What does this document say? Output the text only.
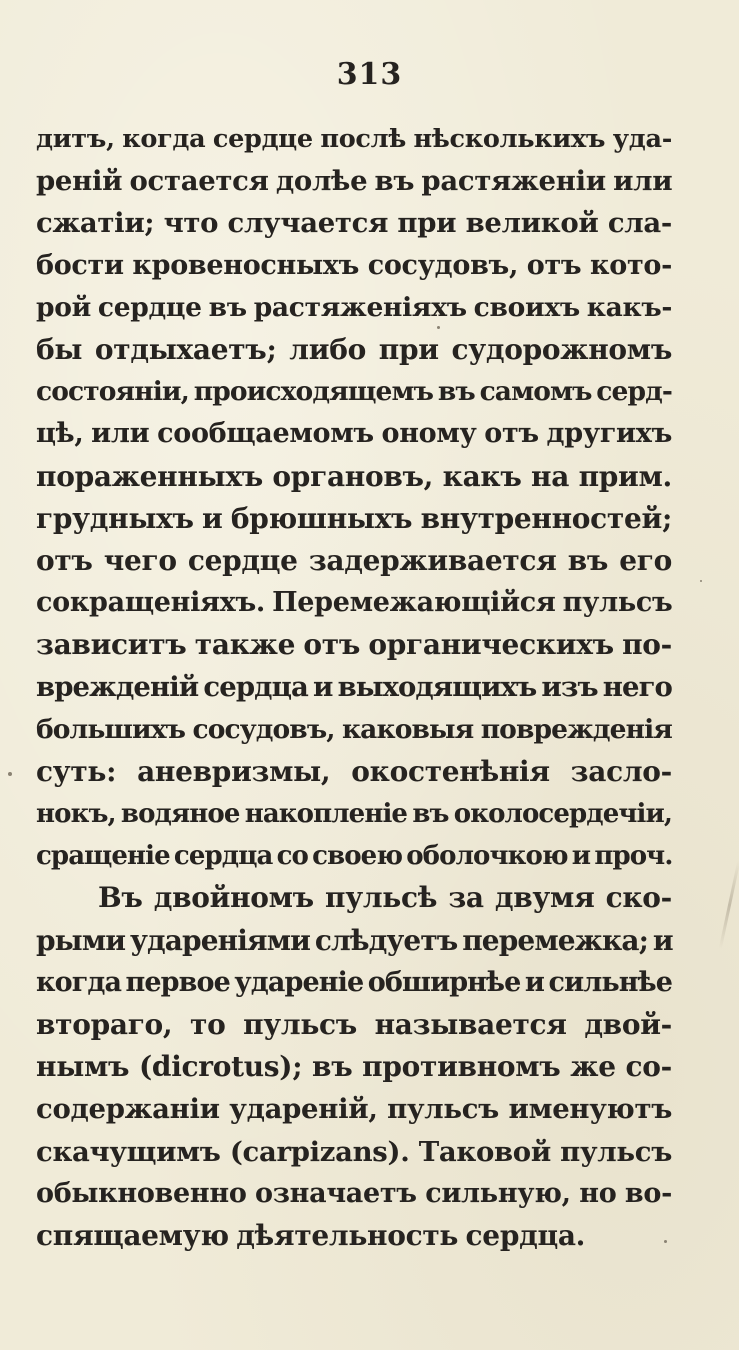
313
дитъ, когда сердце послѣ нѣсколькихъ уда-
реній остается долѣе въ растяженіи или
сжатіи; что случается при великой сла-
бости кровеносныхъ сосудовъ, отъ кото-
рой сердце въ растяженіяхъ своихъ какъ-
бы отдыхаетъ; либо при судорожномъ
состояніи, происходящемъ въ самомъ серд-
цѣ, или сообщаемомъ оному отъ другихъ
пораженныхъ органовъ, какъ на прим.
грудныхъ и брюшныхъ внутренностей;
отъ чего сердце задерживается въ его
сокращеніяхъ. Перемежающійся пульсъ
зависитъ также отъ органическихъ по-
врежденій сердца и выходящихъ изъ него
большихъ сосудовъ, каковыя поврежденія
суть: аневризмы, окостенѣнія засло-
нокъ, водяное накопленіе въ околосердечіи,
сращеніе сердца со своею оболочкою и проч.
Въ двойномъ пульсѣ за двумя ско-
рыми удареніями слѣдуетъ перемежка; и
когда первое удареніе обширнѣе и сильнѣе
втораго, то пульсъ называется двой-
нымъ (dicrotus); въ противномъ же со-
содержаніи удареній, пульсъ именуютъ
скачущимъ (carpizans). Таковой пульсъ
обыкновенно означаетъ сильную, но во-
спящаемую дѣятельность сердца.
